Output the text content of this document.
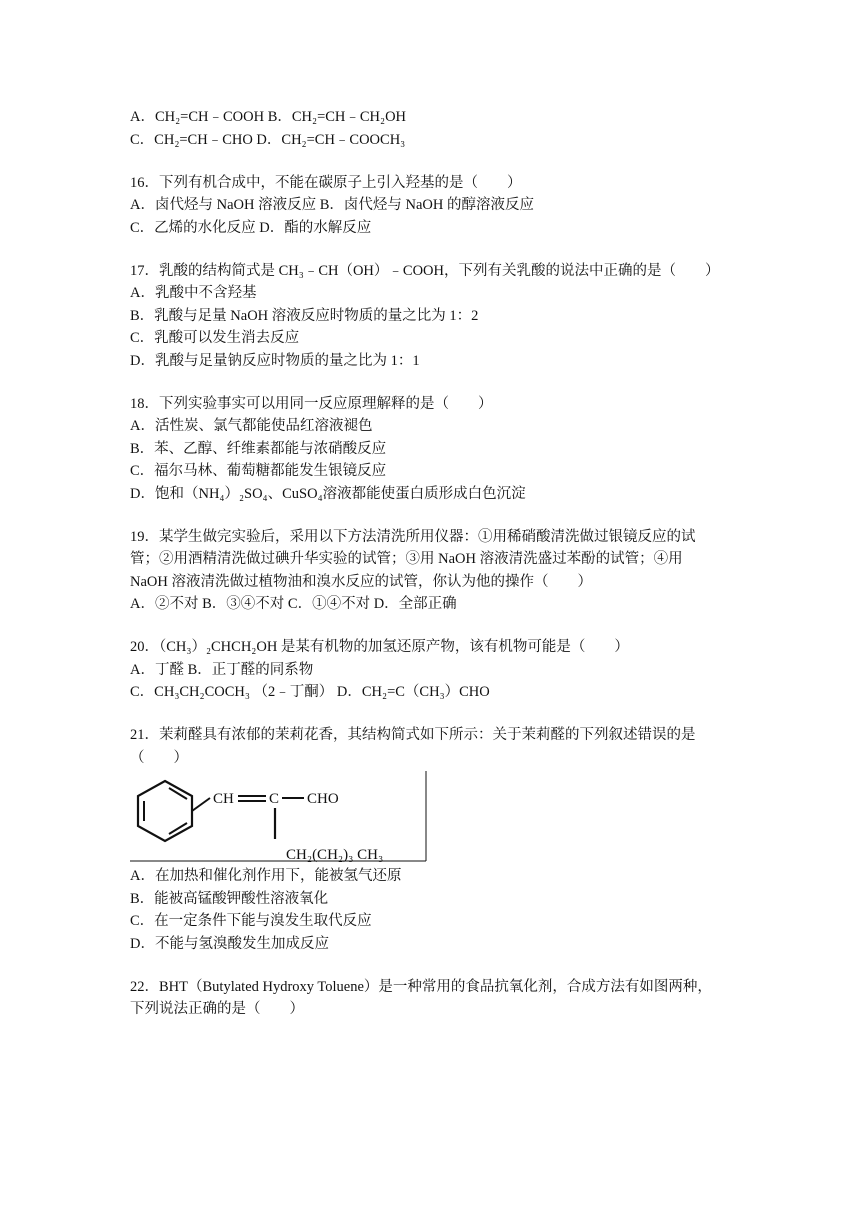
A．CH₂=CH﹣COOH B．CH₂=CH﹣CH₂OH
C．CH₂=CH﹣CHO D．CH₂=CH﹣COOCH₃
16．下列有机合成中，不能在碳原子上引入羟基的是（　　）
A．卤代烃与 NaOH 溶液反应 B．卤代烃与 NaOH 的醇溶液反应
C．乙烯的水化反应 D．酯的水解反应
17．乳酸的结构简式是 CH₃﹣CH（OH）﹣COOH，下列有关乳酸的说法中正确的是（　　）
A．乳酸中不含羟基
B．乳酸与足量 NaOH 溶液反应时物质的量之比为 1：2
C．乳酸可以发生消去反应
D．乳酸与足量钠反应时物质的量之比为 1：1
18．下列实验事实可以用同一反应原理解释的是（　　）
A．活性炭、氯气都能使品红溶液褪色
B．苯、乙醇、纤维素都能与浓硝酸反应
C．福尔马林、葡萄糖都能发生银镜反应
D．饱和（NH₄）₂SO₄、CuSO₄溶液都能使蛋白质形成白色沉淀
19．某学生做完实验后，采用以下方法清洗所用仪器：①用稀硝酸清洗做过银镜反应的试
管；②用酒精清洗做过碘升华实验的试管；③用 NaOH 溶液清洗盛过苯酚的试管；④用
NaOH 溶液清洗做过植物油和溴水反应的试管，你认为他的操作（　　）
A．②不对 B．③④不对 C．①④不对 D．全部正确
20．（CH₃）₂CHCH₂OH 是某有机物的加氢还原产物，该有机物可能是（　　）
A．丁醛 B．正丁醛的同系物
C．CH₃CH₂COCH₃ （2﹣丁酮） D．CH₂=C（CH₃）CHO
21．茉莉醛具有浓郁的茉莉花香，其结构简式如下所示：关于茉莉醛的下列叙述错误的是
（　　）
CH C CHO
CH₂(CH₂)₃ CH₃
A．在加热和催化剂作用下，能被氢气还原
B．能被高锰酸钾酸性溶液氧化
C．在一定条件下能与溴发生取代反应
D．不能与氢溴酸发生加成反应
22．BHT（Butylated Hydroxy Toluene）是一种常用的食品抗氧化剂，合成方法有如图两种，
下列说法正确的是（　　）
